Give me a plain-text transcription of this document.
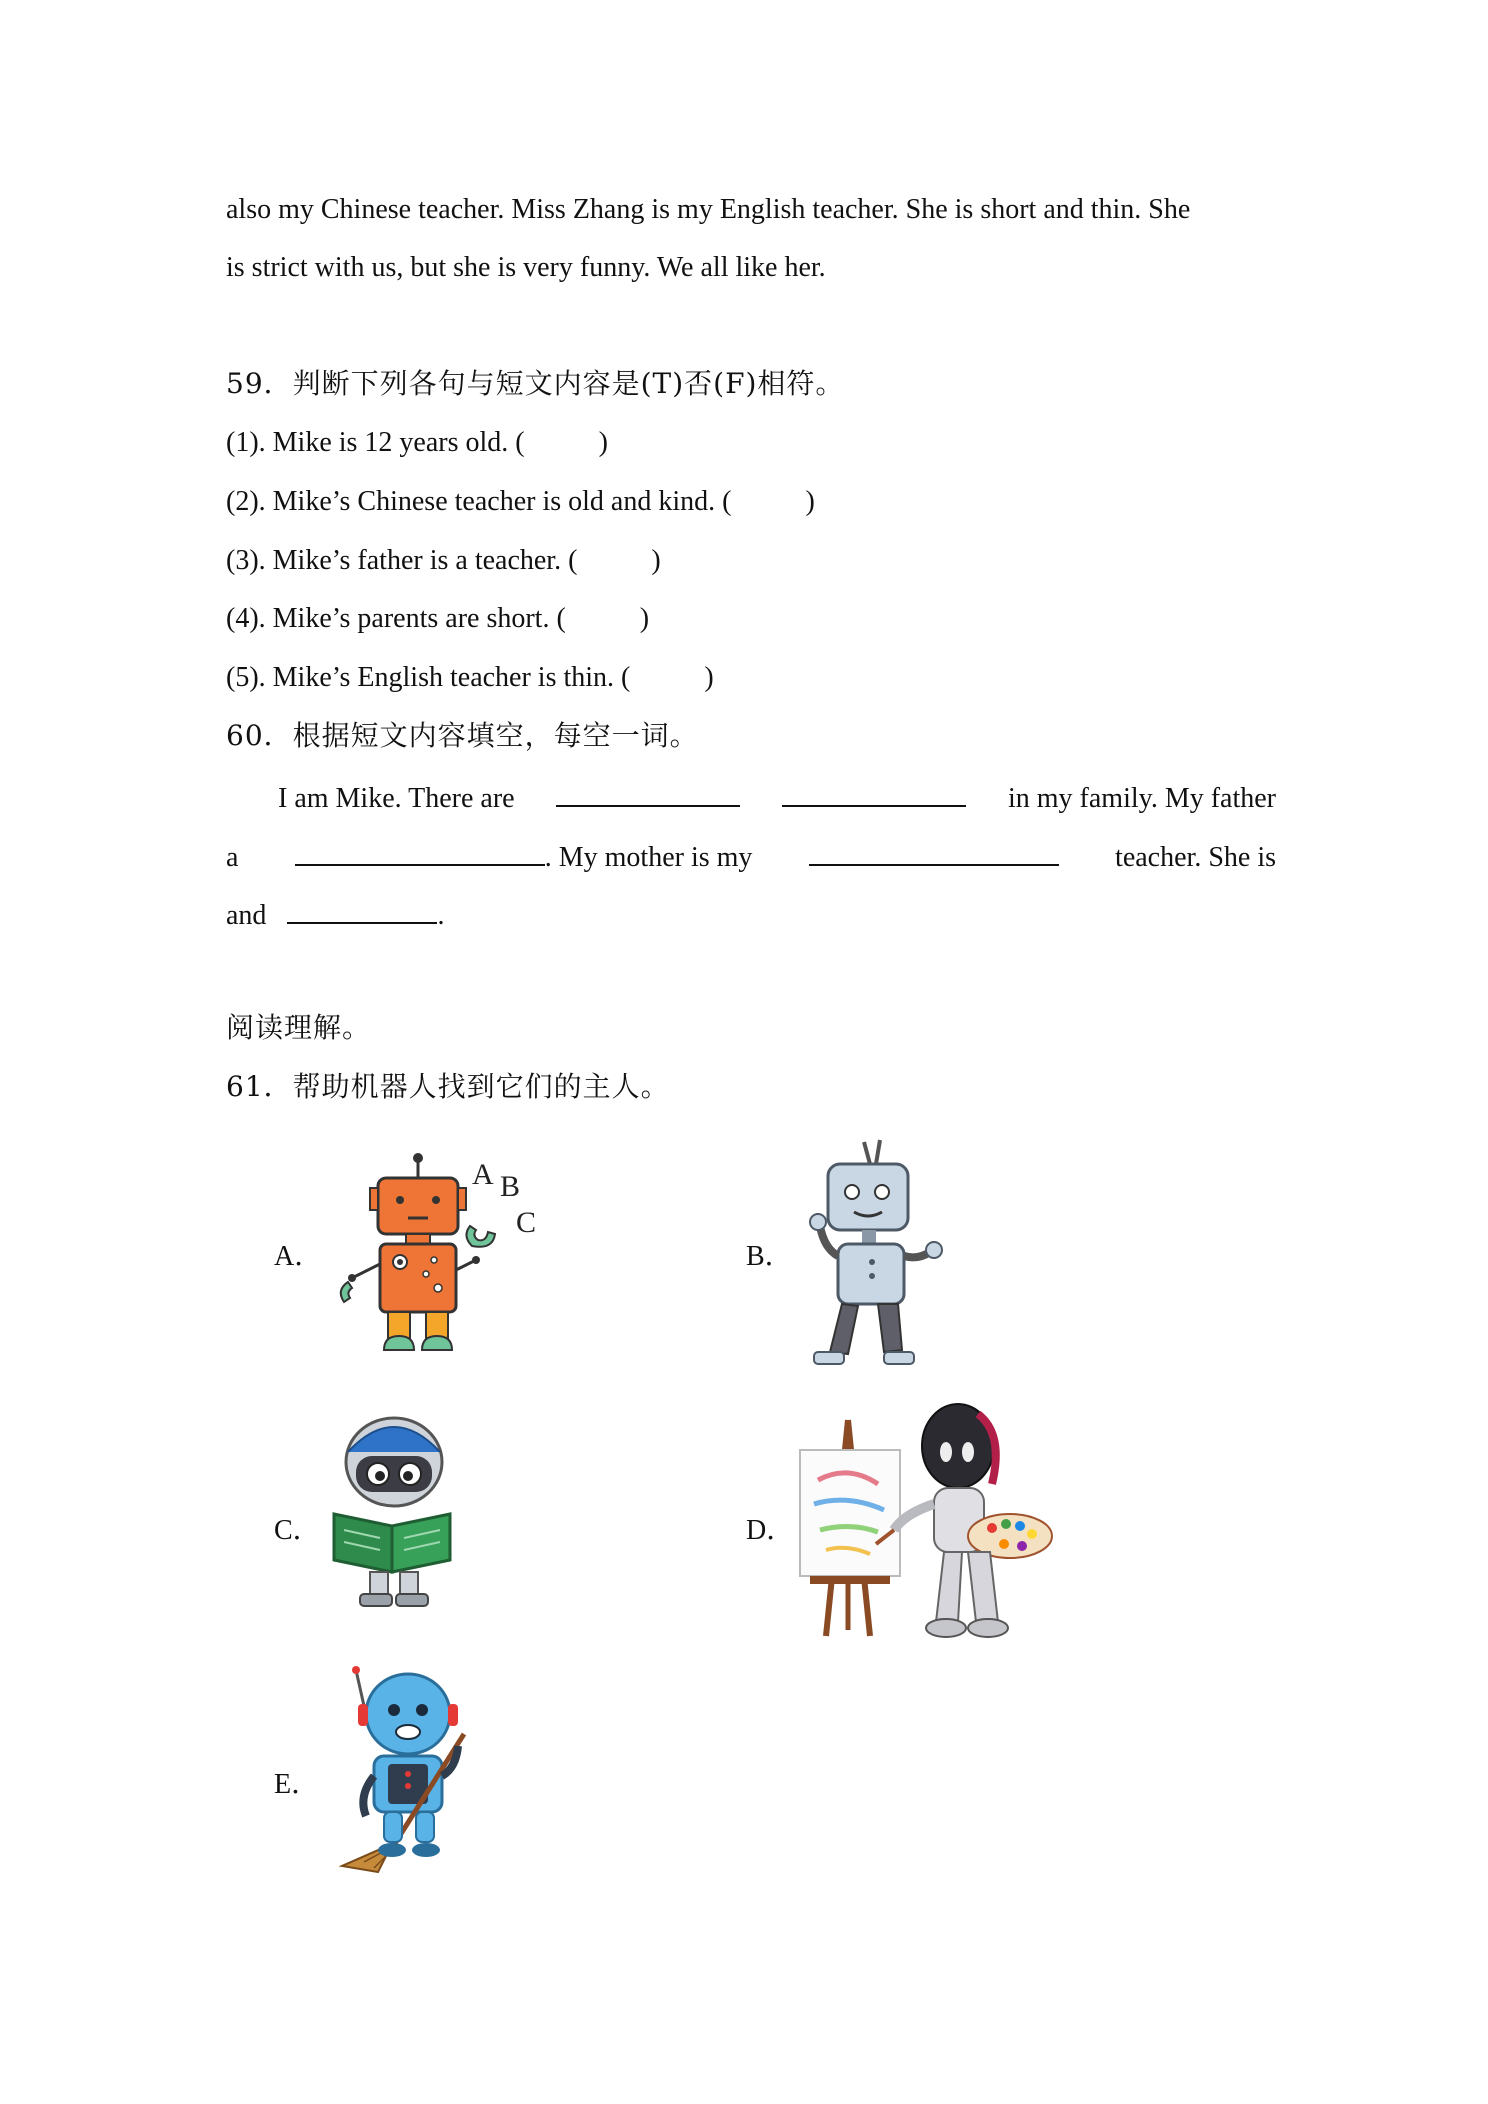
also my Chinese teacher. Miss Zhang is my English teacher. She is short and thin. She
is strict with us, but she is very funny. We all like her.
59．判断下列各句与短文内容是(T)否(F)相符。
(1). Mike is 12 years old. (	)
(2). Mike’s Chinese teacher is old and kind. (	)
(3). Mike’s father is a teacher. (	)
(4). Mike’s parents are short. (	)
(5). Mike’s English teacher is thin. (	)
60．根据短文内容填空，每空一词。
I am Mike. There are	in my family. My father
a	. My mother is my	teacher. She is
and	.
阅读理解。
61．帮助机器人找到它们的主人。
A．	B．
C．	D．
E．
A B
C
